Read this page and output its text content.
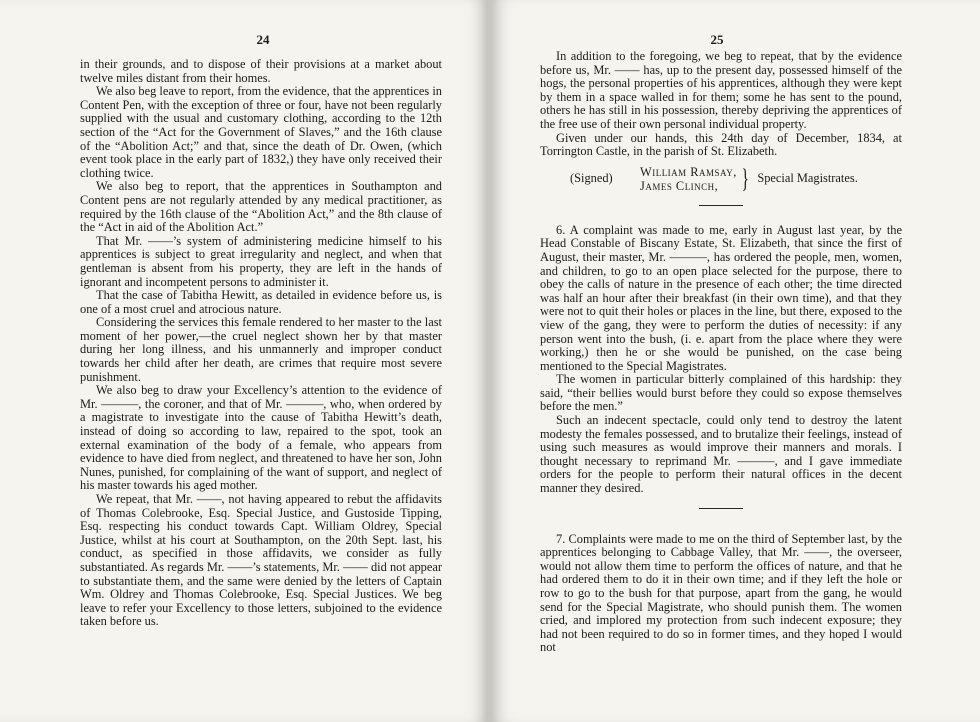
24

in their grounds, and to dispose of their provisions at a market about twelve miles distant from their homes.

We also beg leave to report, from the evidence, that the apprentices in Content Pen, with the exception of three or four, have not been regularly supplied with the usual and customary clothing, according to the 12th section of the “Act for the Government of Slaves,” and the 16th clause of the “Abolition Act;” and that, since the death of Dr. Owen, (which event took place in the early part of 1832,) they have only received their clothing twice.

We also beg to report, that the apprentices in Southampton and Content pens are not regularly attended by any medical practitioner, as required by the 16th clause of the “Abolition Act,” and the 8th clause of the “Act in aid of the Abolition Act.”

That Mr. ——’s system of administering medicine himself to his apprentices is subject to great irregularity and neglect, and when that gentleman is absent from his property, they are left in the hands of ignorant and incompetent persons to administer it.

That the case of Tabitha Hewitt, as detailed in evidence before us, is one of a most cruel and atrocious nature.

Considering the services this female rendered to her master to the last moment of her power,—the cruel neglect shown her by that master during her long illness, and his unmannerly and improper conduct towards her child after her death, are crimes that require most severe punishment.

We also beg to draw your Excellency’s attention to the evidence of Mr. ———, the coroner, and that of Mr. ———, who, when ordered by a magistrate to investigate into the cause of Tabitha Hewitt’s death, instead of doing so according to law, repaired to the spot, took an external examination of the body of a female, who appears from evidence to have died from neglect, and threatened to have her son, John Nunes, punished, for complaining of the want of support, and neglect of his master towards his aged mother.

We repeat, that Mr. ——, not having appeared to rebut the affidavits of Thomas Colebrooke, Esq. Special Justice, and Gustoside Tipping, Esq. respecting his conduct towards Capt. William Oldrey, Special Justice, whilst at his court at Southampton, on the 20th Sept. last, his conduct, as specified in those affidavits, we consider as fully substantiated. As regards Mr. ——’s statements, Mr. —— did not appear to substantiate them, and the same were denied by the letters of Captain Wm. Oldrey and Thomas Colebrooke, Esq. Special Justices. We beg leave to refer your Excellency to those letters, subjoined to the evidence taken before us.

25

In addition to the foregoing, we beg to repeat, that by the evidence before us, Mr. —— has, up to the present day, possessed himself of the hogs, the personal properties of his apprentices, although they were kept by them in a space walled in for them; some he has sent to the pound, others he has still in his possession, thereby depriving the apprentices of the free use of their own personal individual property.

Given under our hands, this 24th day of December, 1834, at Torrington Castle, in the parish of St. Elizabeth.

(Signed)	William Ramsay,
James Clinch, } Special Magistrates.

6. A complaint was made to me, early in August last year, by the Head Constable of Biscany Estate, St. Elizabeth, that since the first of August, their master, Mr. ———, has ordered the people, men, women, and children, to go to an open place selected for the purpose, there to obey the calls of nature in the presence of each other; the time directed was half an hour after their breakfast (in their own time), and that they were not to quit their holes or places in the line, but there, exposed to the view of the gang, they were to perform the duties of necessity: if any person went into the bush, (i. e. apart from the place where they were working,) then he or she would be punished, on the case being mentioned to the Special Magistrates.

The women in particular bitterly complained of this hardship: they said, “their bellies would burst before they could so expose themselves before the men.”

Such an indecent spectacle, could only tend to destroy the latent modesty the females possessed, and to brutalize their feelings, instead of using such measures as would improve their manners and morals. I thought necessary to reprimand Mr. ———, and I gave immediate orders for the people to perform their natural offices in the decent manner they desired.

7. Complaints were made to me on the third of September last, by the apprentices belonging to Cabbage Valley, that Mr. ——, the overseer, would not allow them time to perform the offices of nature, and that he had ordered them to do it in their own time; and if they left the hole or row to go to the bush for that purpose, apart from the gang, he would send for the Special Magistrate, who should punish them. The women cried, and implored my protection from such indecent exposure; they had not been required to do so in former times, and they hoped I would not
